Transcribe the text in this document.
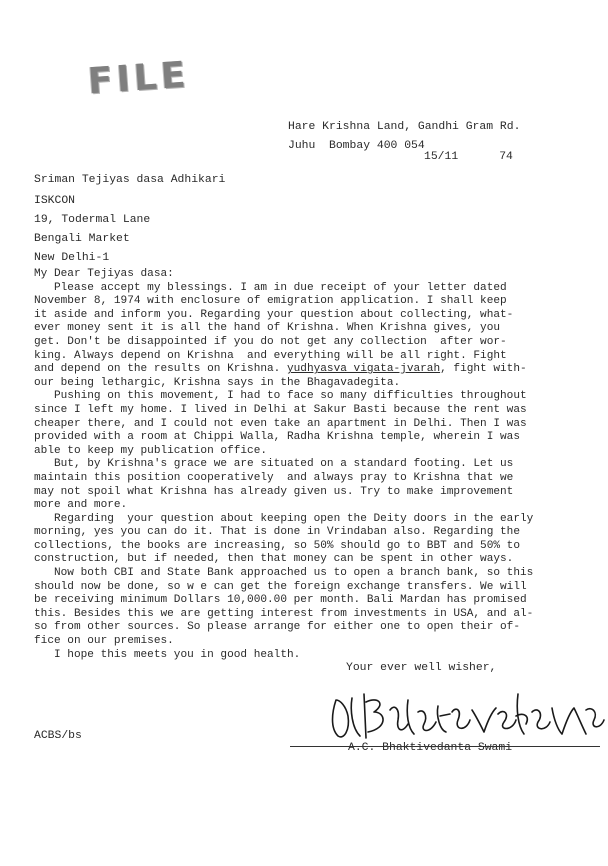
FILE
Hare Krishna Land, Gandhi Gram Rd.
Juhu  Bombay 400 054
15/11	74
Sriman Tejiyas dasa Adhikari
ISKCON
19, Todermal Lane
Bengali Market
New Delhi-1
My Dear Tejiyas dasa:
Please accept my blessings. I am in due receipt of your letter dated
November 8, 1974 with enclosure of emigration application. I shall keep
it aside and inform you. Regarding your question about collecting, what-
ever money sent it is all the hand of Krishna. When Krishna gives, you
get. Don't be disappointed if you do not get any collection  after wor-
king. Always depend on Krishna  and everything will be all right. Fight
and depend on the results on Krishna. yudhyasva vigata-jvarah, fight with-
our being lethargic, Krishna says in the Bhagavadegita.
Pushing on this movement, I had to face so many difficulties throughout
since I left my home. I lived in Delhi at Sakur Basti because the rent was
cheaper there, and I could not even take an apartment in Delhi. Then I was
provided with a room at Chippi Walla, Radha Krishna temple, wherein I was
able to keep my publication office.
But, by Krishna's grace we are situated on a standard footing. Let us
maintain this position cooperatively  and always pray to Krishna that we
may not spoil what Krishna has already given us. Try to make improvement
more and more.
Regarding  your question about keeping open the Deity doors in the early
morning, yes you can do it. That is done in Vrindaban also. Regarding the
collections, the books are increasing, so 50% should go to BBT and 50% to
construction, but if needed, then that money can be spent in other ways.
Now both CBI and State Bank approached us to open a branch bank, so this
should now be done, so w e can get the foreign exchange transfers. We will
be receiving minimum Dollars 10,000.00 per month. Bali Mardan has promised
this. Besides this we are getting interest from investments in USA, and al-
so from other sources. So please arrange for either one to open their of-
fice on our premises.
I hope this meets you in good health.
Your ever well wisher,
A.C. Bhaktivedanta Swami
ACBS/bs
